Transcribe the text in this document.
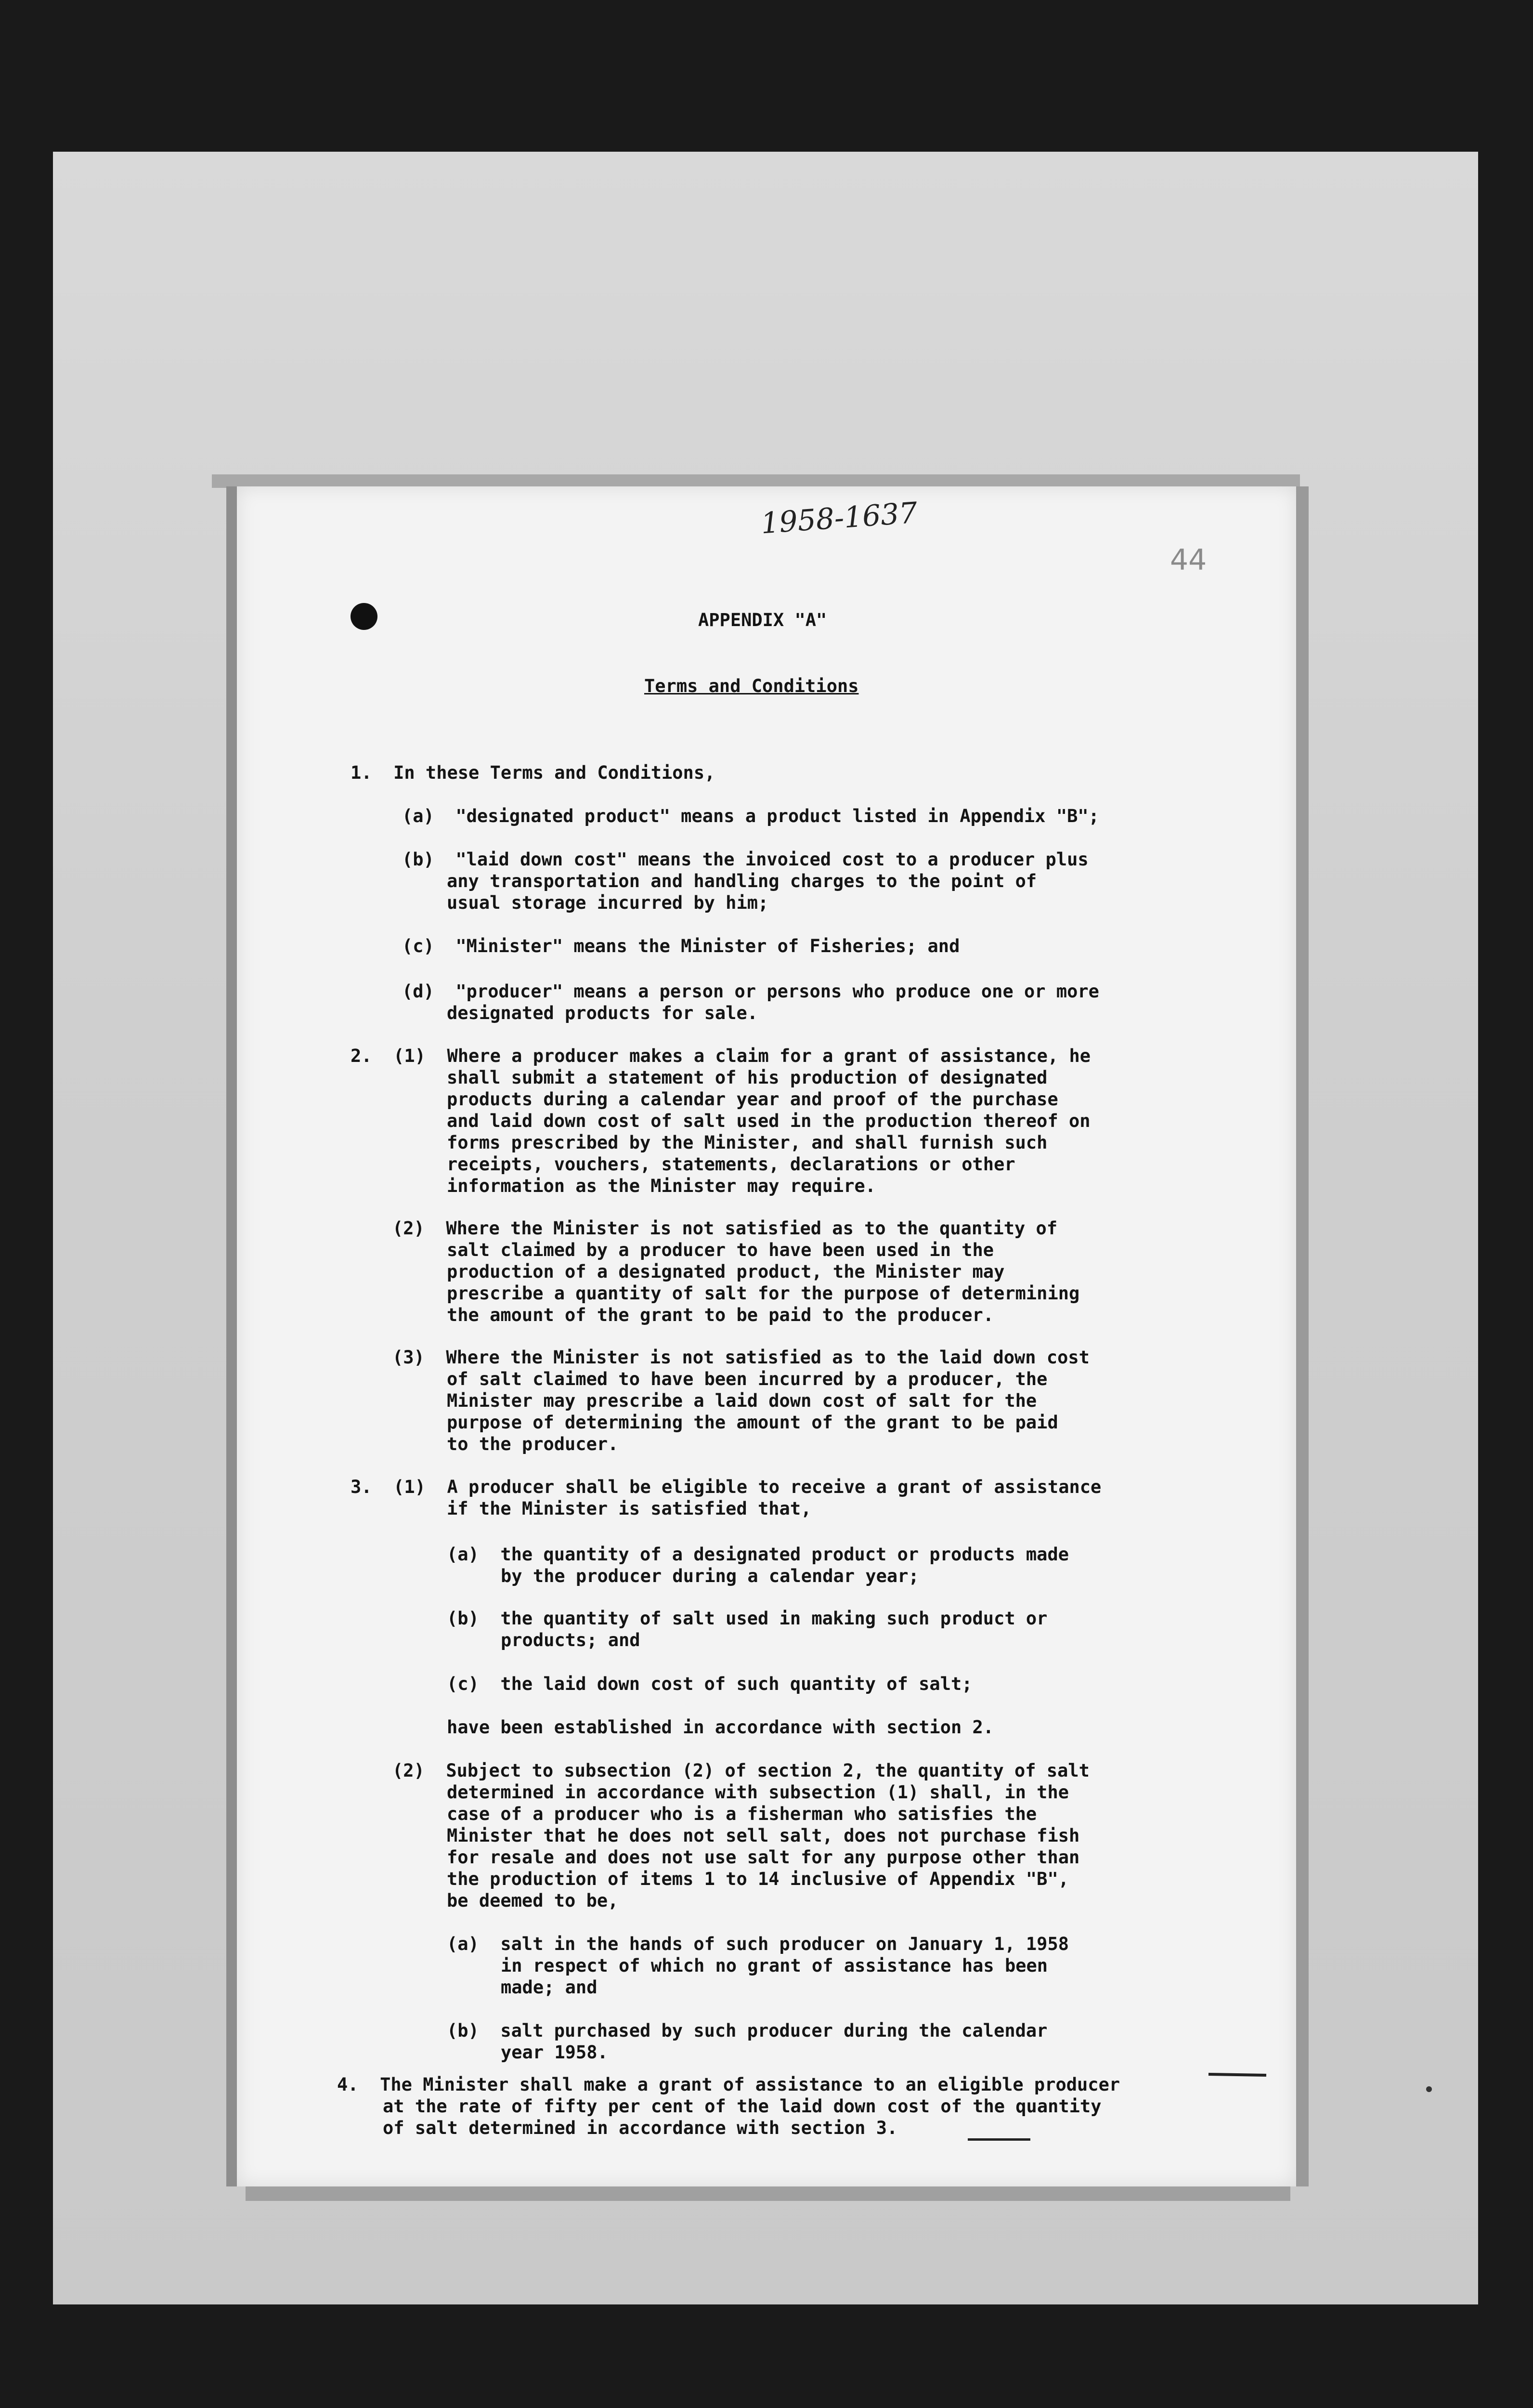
1958-1637
44
APPENDIX "A"
Terms and Conditions
1.  In these Terms and Conditions,
(a)  "designated product" means a product listed in Appendix "B";
(b)  "laid down cost" means the invoiced cost to a producer plus
any transportation and handling charges to the point of
usual storage incurred by him;
(c)  "Minister" means the Minister of Fisheries; and
(d)  "producer" means a person or persons who produce one or more
designated products for sale.
2.  (1)  Where a producer makes a claim for a grant of assistance, he
shall submit a statement of his production of designated
products during a calendar year and proof of the purchase
and laid down cost of salt used in the production thereof on
forms prescribed by the Minister, and shall furnish such
receipts, vouchers, statements, declarations or other
information as the Minister may require.
(2)  Where the Minister is not satisfied as to the quantity of
salt claimed by a producer to have been used in the
production of a designated product, the Minister may
prescribe a quantity of salt for the purpose of determining
the amount of the grant to be paid to the producer.
(3)  Where the Minister is not satisfied as to the laid down cost
of salt claimed to have been incurred by a producer, the
Minister may prescribe a laid down cost of salt for the
purpose of determining the amount of the grant to be paid
to the producer.
3.  (1)  A producer shall be eligible to receive a grant of assistance
if the Minister is satisfied that,
(a)  the quantity of a designated product or products made
by the producer during a calendar year;
(b)  the quantity of salt used in making such product or
products; and
(c)  the laid down cost of such quantity of salt;
have been established in accordance with section 2.
(2)  Subject to subsection (2) of section 2, the quantity of salt
determined in accordance with subsection (1) shall, in the
case of a producer who is a fisherman who satisfies the
Minister that he does not sell salt, does not purchase fish
for resale and does not use salt for any purpose other than
the production of items 1 to 14 inclusive of Appendix "B",
be deemed to be,
(a)  salt in the hands of such producer on January 1, 1958
in respect of which no grant of assistance has been
made; and
(b)  salt purchased by such producer during the calendar
year 1958.
4.  The Minister shall make a grant of assistance to an eligible producer
at the rate of fifty per cent of the laid down cost of the quantity
of salt determined in accordance with section 3.
